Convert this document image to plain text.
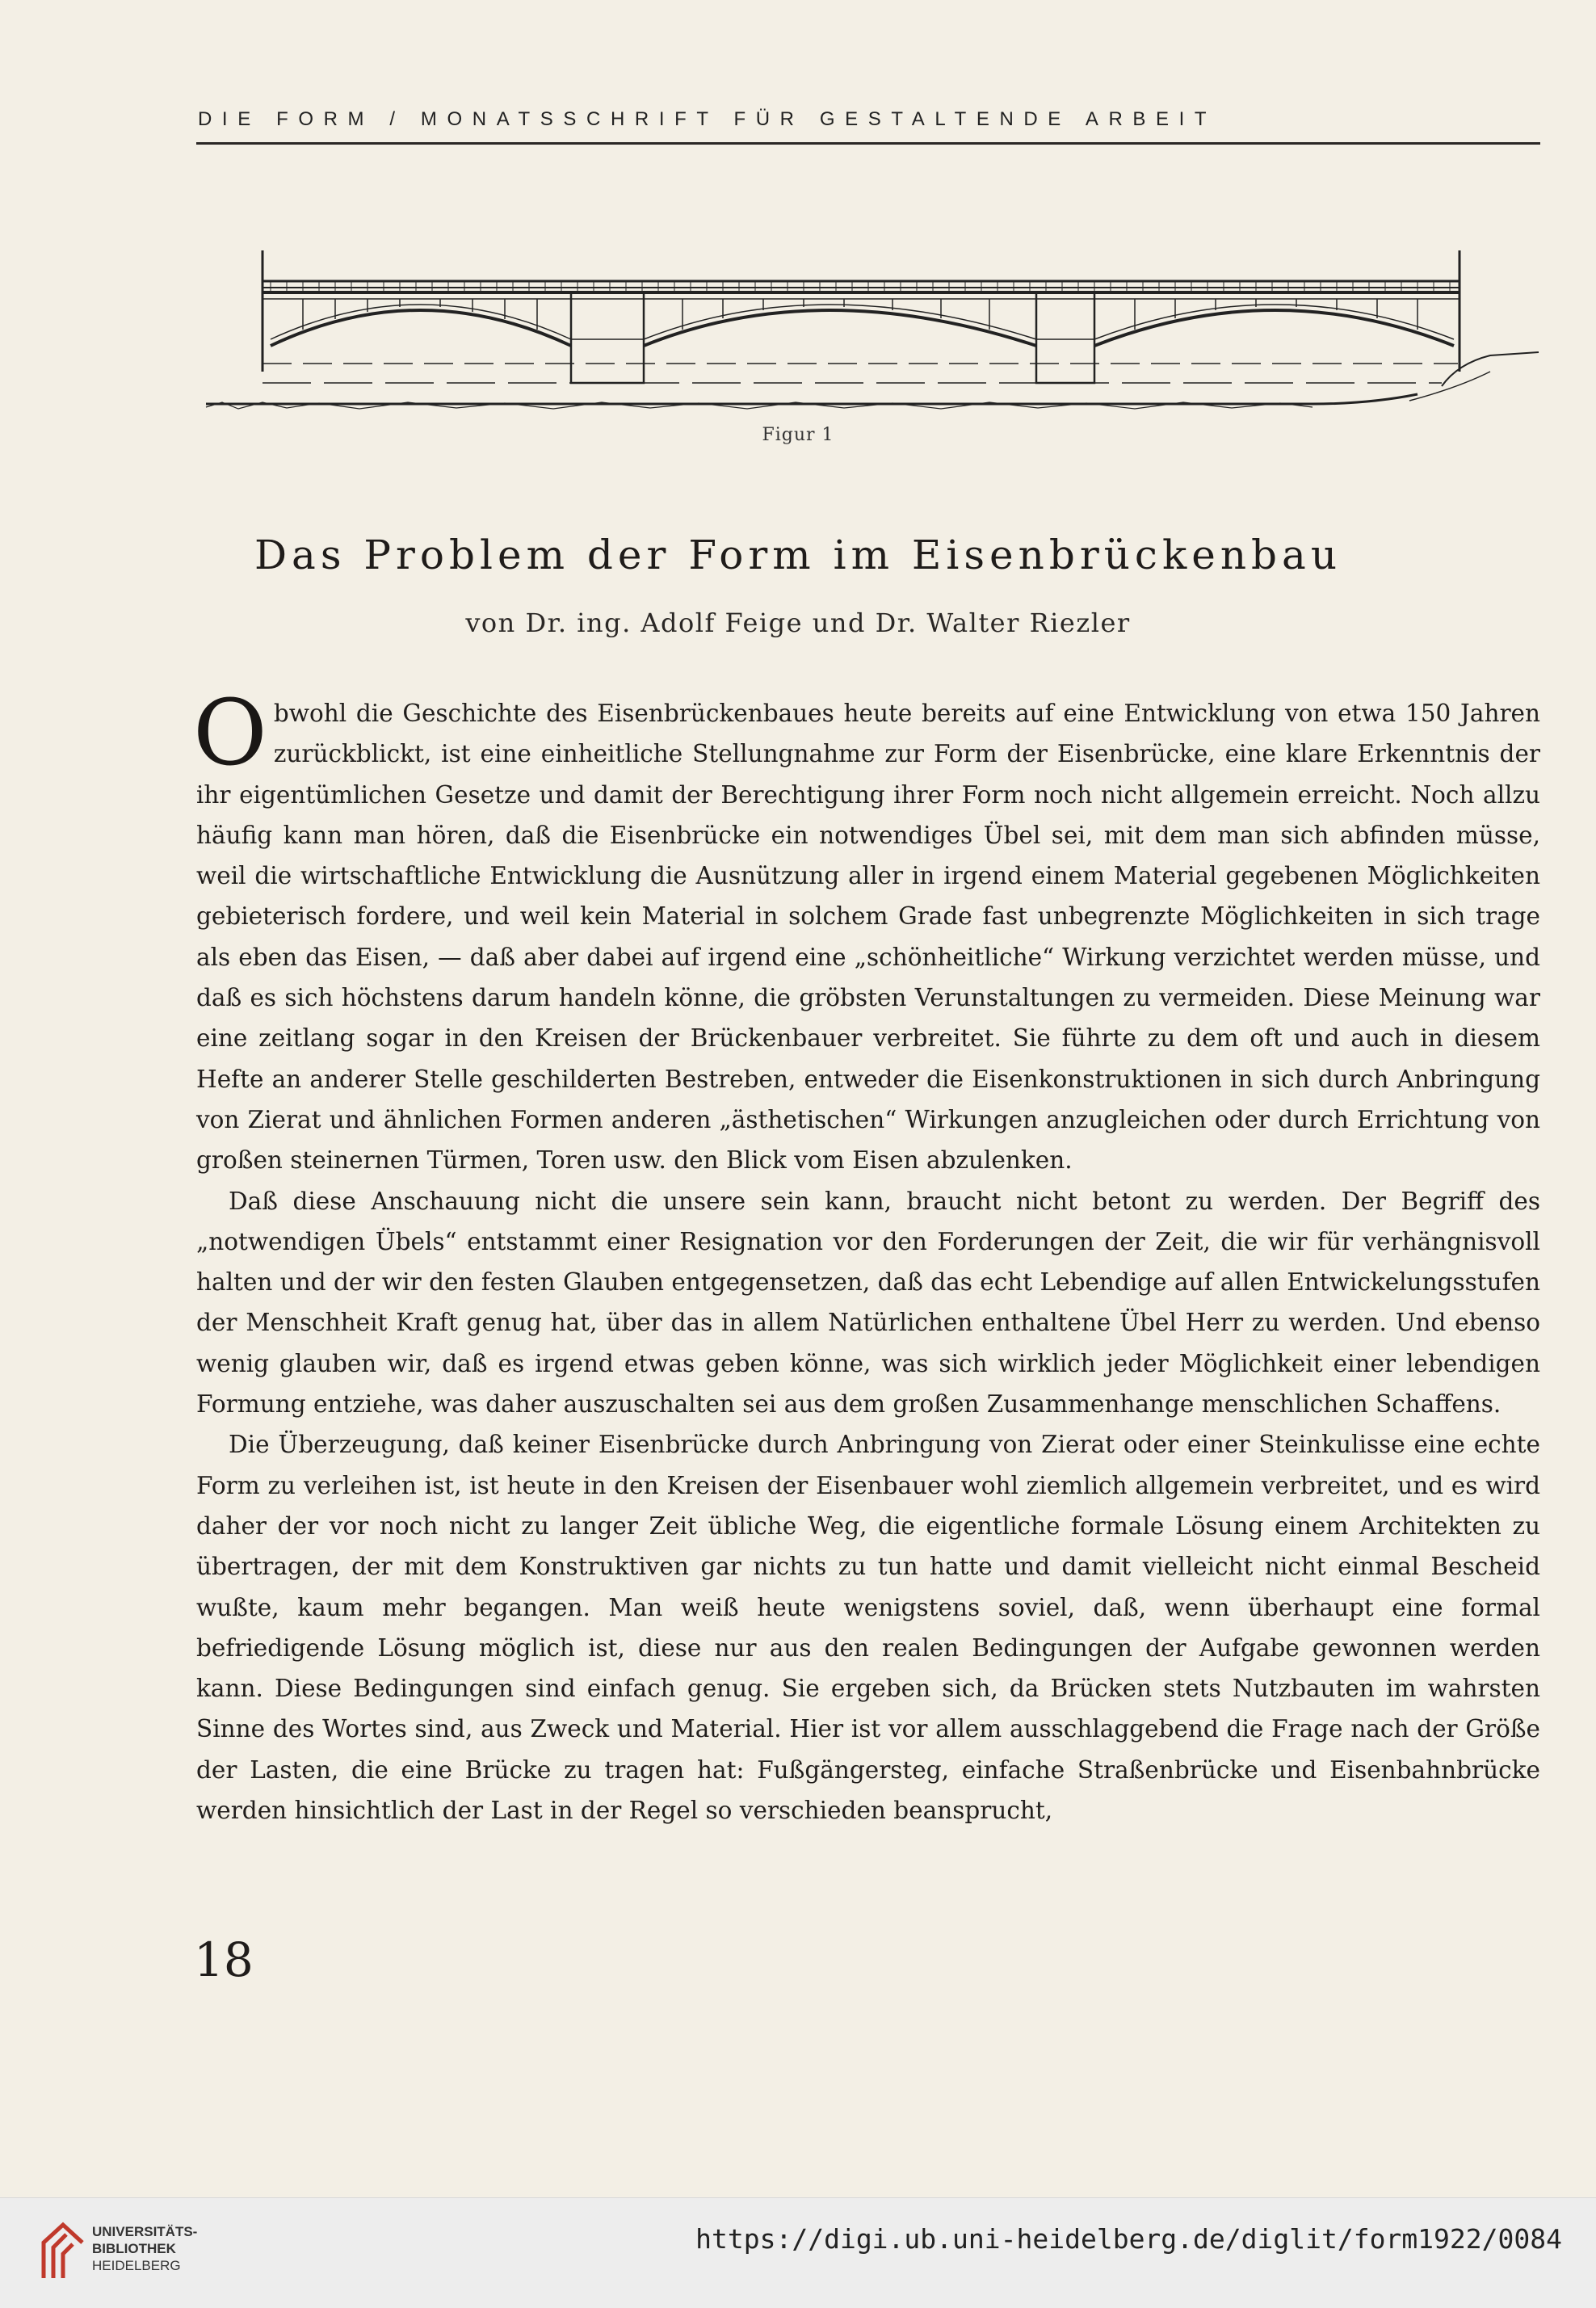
DIE FORM / MONATSSCHRIFT FÜR GESTALTENDE ARBEIT
Figur 1
Das Problem der Form im Eisenbrückenbau
von Dr. ing. Adolf Feige und Dr. Walter Riezler

Obwohl die Geschichte des Eisenbrückenbaues heute bereits auf eine Entwicklung von etwa 150 Jahren zurückblickt, ist eine einheitliche Stellungnahme zur Form der Eisenbrücke, eine klare Erkenntnis der ihr eigentümlichen Gesetze und damit der Berechtigung ihrer Form noch nicht allgemein erreicht. Noch allzu häufig kann man hören, daß die Eisenbrücke ein notwendiges Übel sei, mit dem man sich abfinden müsse, weil die wirtschaftliche Entwicklung die Ausnützung aller in irgend einem Material gegebenen Möglichkeiten gebieterisch fordere, und weil kein Material in solchem Grade fast unbegrenzte Möglichkeiten in sich trage als eben das Eisen, — daß aber dabei auf irgend eine „schönheitliche“ Wirkung verzichtet werden müsse, und daß es sich höchstens darum handeln könne, die gröbsten Verunstaltungen zu vermeiden. Diese Meinung war eine zeitlang sogar in den Kreisen der Brückenbauer verbreitet. Sie führte zu dem oft und auch in diesem Hefte an anderer Stelle geschilderten Bestreben, entweder die Eisenkonstruktionen in sich durch Anbringung von Zierat und ähnlichen Formen anderen „ästhetischen“ Wirkungen anzugleichen oder durch Errichtung von großen steinernen Türmen, Toren usw. den Blick vom Eisen abzulenken.

Daß diese Anschauung nicht die unsere sein kann, braucht nicht betont zu werden. Der Begriff des „notwendigen Übels“ entstammt einer Resignation vor den Forderungen der Zeit, die wir für verhängnisvoll halten und der wir den festen Glauben entgegensetzen, daß das echt Lebendige auf allen Entwickelungsstufen der Menschheit Kraft genug hat, über das in allem Natürlichen enthaltene Übel Herr zu werden. Und ebenso wenig glauben wir, daß es irgend etwas geben könne, was sich wirklich jeder Möglichkeit einer lebendigen Formung entziehe, was daher auszuschalten sei aus dem großen Zusammenhange menschlichen Schaffens.

Die Überzeugung, daß keiner Eisenbrücke durch Anbringung von Zierat oder einer Steinkulisse eine echte Form zu verleihen ist, ist heute in den Kreisen der Eisenbauer wohl ziemlich allgemein verbreitet, und es wird daher der vor noch nicht zu langer Zeit übliche Weg, die eigentliche formale Lösung einem Architekten zu übertragen, der mit dem Konstruktiven gar nichts zu tun hatte und damit vielleicht nicht einmal Bescheid wußte, kaum mehr begangen. Man weiß heute wenigstens soviel, daß, wenn überhaupt eine formal befriedigende Lösung möglich ist, diese nur aus den realen Bedingungen der Aufgabe gewonnen werden kann. Diese Bedingungen sind einfach genug. Sie ergeben sich, da Brücken stets Nutzbauten im wahrsten Sinne des Wortes sind, aus Zweck und Material. Hier ist vor allem ausschlaggebend die Frage nach der Größe der Lasten, die eine Brücke zu tragen hat: Fußgängersteg, einfache Straßenbrücke und Eisenbahnbrücke werden hinsichtlich der Last in der Regel so verschieden beansprucht,

18
UNIVERSITÄTS-
BIBLIOTHEK
HEIDELBERG
https://digi.ub.uni-heidelberg.de/diglit/form1922/0084
